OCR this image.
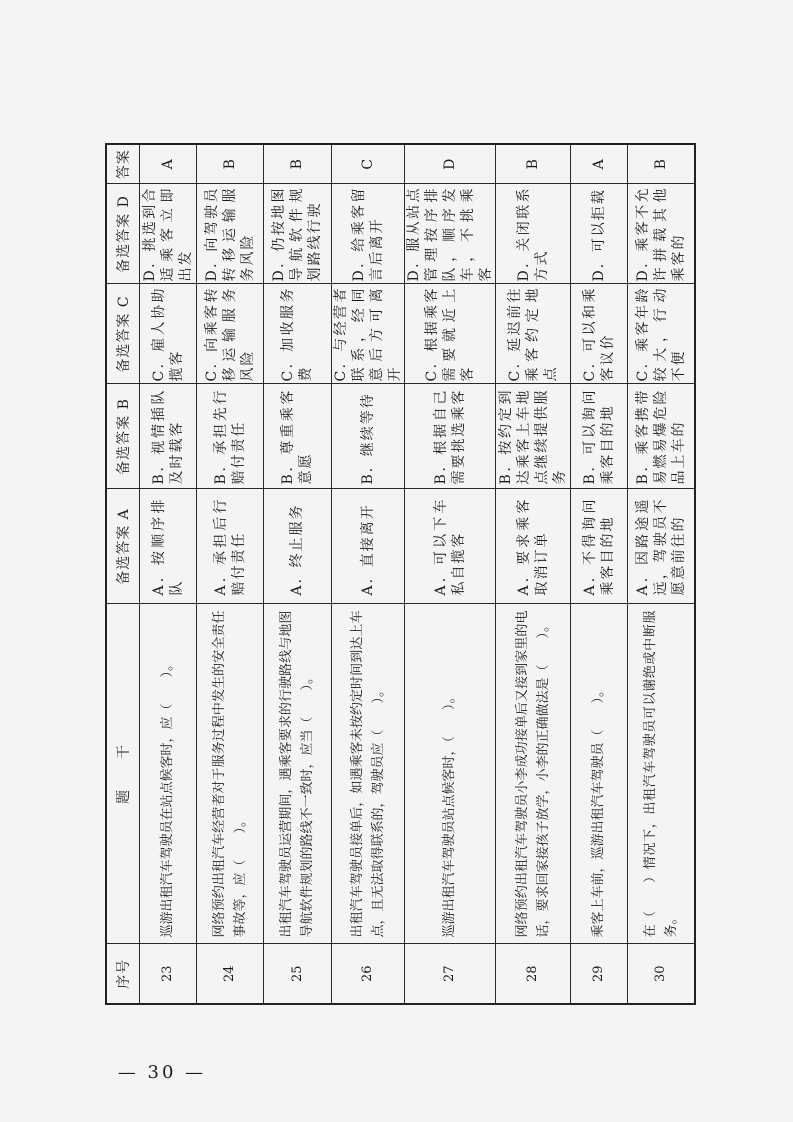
序号	题　　干	备选答案 A	备选答案 B	备选答案 C	备选答案 D	答案
23	巡游出租汽车驾驶员在站点候客时，应（　　）。	A．按顺序排队	B．视情插队及时载客	C．雇人协助揽客	D．挑选到合适乘客立即出发	A
24	网络预约出租汽车经营者对于服务过程中发生的安全责任事故等，应（　　）。	A．承担后行赔付责任	B．承担先行赔付责任	C．向乘客转移运输服务风险	D．向驾驶员转移运输服务风险	B
25	出租汽车驾驶员运营期间，遇乘客要求的行驶路线与地图导航软件规划的路线不一致时，应当（　　）。	A．终止服务	B．尊重乘客意愿	C．加收服务费	D．仍按地图导航软件规划路线行驶	B
26	出租汽车驾驶员接单后，如遇乘客未按约定时间到达上车点，且无法取得联系的，驾驶员应（　　）。	A．直接离开	B．继续等待	C．与经营者联系，经同意后方可离开	D．给乘客留言后离开	C
27	巡游出租汽车驾驶员站点候客时，（　　）。	A．可以下车私自揽客	B．根据自己需要挑选乘客	C．根据乘客需要就近上客	D．服从站点管理按序排队，顺序发车，不挑乘客	D
28	网络预约出租汽车驾驶员小李成功接单后又接到家里的电话，要求回家接孩子放学，小李的正确做法是（　　）。	A．要求乘客取消订单	B．按约定到达乘客上车地点继续提供服务	C．延迟前往乘客约定地点	D．关闭联系方式	B
29	乘客上车前，巡游出租汽车驾驶员（　　）。	A．不得询问乘客目的地	B．可以询问乘客目的地	C．可以和乘客议价	D．可以拒载	A
30	在（　　）情况下，出租汽车驾驶员可以谢绝或中断服务。	A．因路途遥远，驾驶员不愿意前往的	B．乘客携带易燃易爆危险品上车的	C．乘客年龄较大，行动不便	D．乘客不允许拼载其他乘客的	B
— 30 —
